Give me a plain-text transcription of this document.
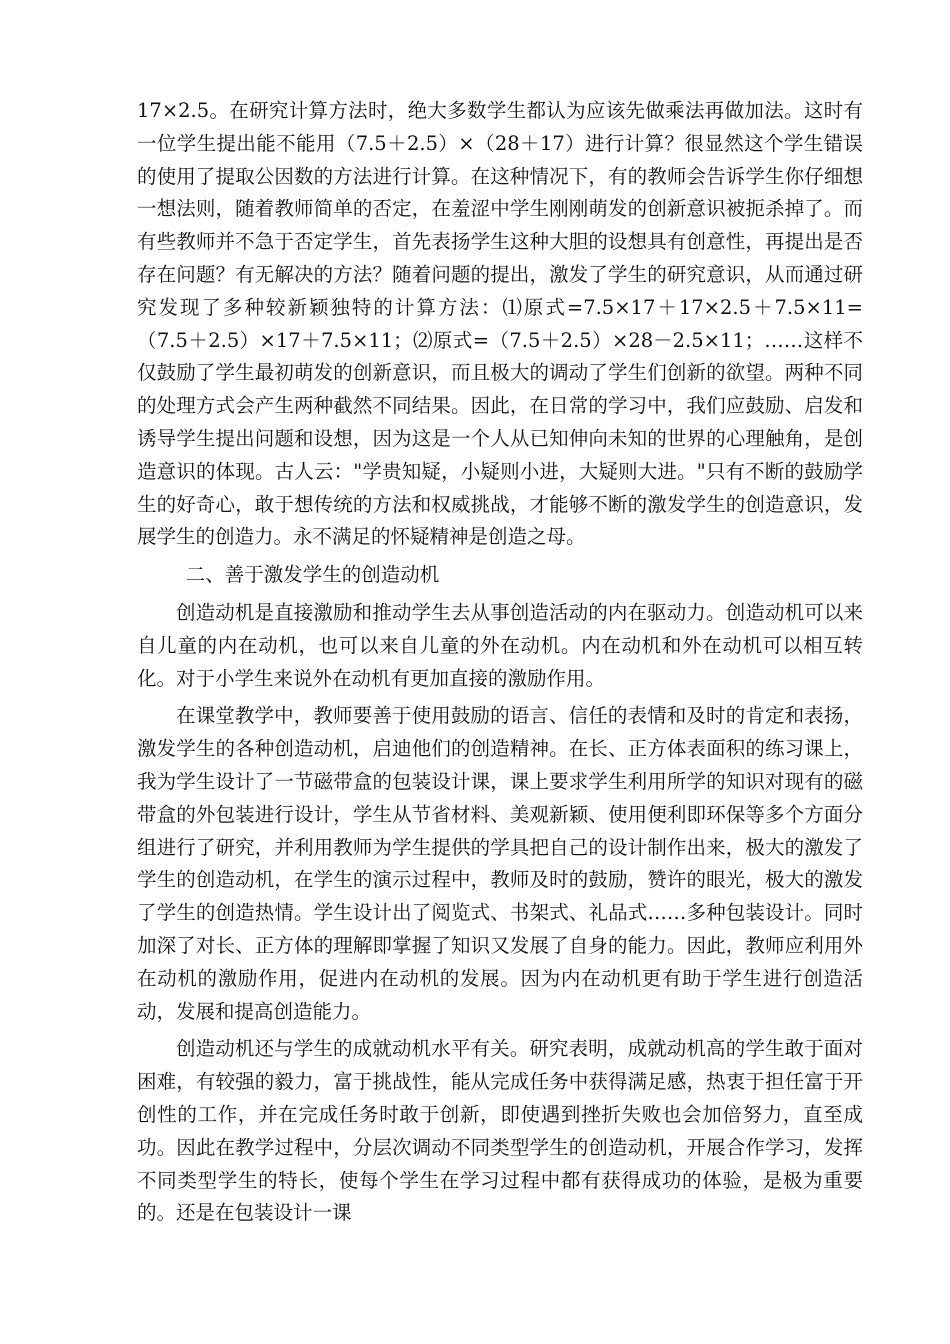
17×2.5。在研究计算方法时，绝大多数学生都认为应该先做乘法再做加法。这时有一位学生提出能不能用（7.5＋2.5）×（28＋17）进行计算？很显然这个学生错误的使用了提取公因数的方法进行计算。在这种情况下，有的教师会告诉学生你仔细想一想法则，随着教师简单的否定，在羞涩中学生刚刚萌发的创新意识被扼杀掉了。而有些教师并不急于否定学生，首先表扬学生这种大胆的设想具有创意性，再提出是否存在问题？有无解决的方法？随着问题的提出，激发了学生的研究意识，从而通过研究发现了多种较新颖独特的计算方法：⑴原式=7.5×17＋17×2.5＋7.5×11=（7.5＋2.5）×17＋7.5×11；⑵原式=（7.5＋2.5）×28－2.5×11；……这样不仅鼓励了学生最初萌发的创新意识，而且极大的调动了学生们创新的欲望。两种不同的处理方式会产生两种截然不同结果。因此，在日常的学习中，我们应鼓励、启发和诱导学生提出问题和设想，因为这是一个人从已知伸向未知的世界的心理触角，是创造意识的体现。古人云："学贵知疑，小疑则小进，大疑则大进。"只有不断的鼓励学生的好奇心，敢于想传统的方法和权威挑战，才能够不断的激发学生的创造意识，发展学生的创造力。永不满足的怀疑精神是创造之母。

二、善于激发学生的创造动机

创造动机是直接激励和推动学生去从事创造活动的内在驱动力。创造动机可以来自儿童的内在动机，也可以来自儿童的外在动机。内在动机和外在动机可以相互转化。对于小学生来说外在动机有更加直接的激励作用。

在课堂教学中，教师要善于使用鼓励的语言、信任的表情和及时的肯定和表扬，激发学生的各种创造动机，启迪他们的创造精神。在长、正方体表面积的练习课上，我为学生设计了一节磁带盒的包装设计课，课上要求学生利用所学的知识对现有的磁带盒的外包装进行设计，学生从节省材料、美观新颖、使用便利即环保等多个方面分组进行了研究，并利用教师为学生提供的学具把自己的设计制作出来，极大的激发了学生的创造动机，在学生的演示过程中，教师及时的鼓励，赞许的眼光，极大的激发了学生的创造热情。学生设计出了阅览式、书架式、礼品式……多种包装设计。同时加深了对长、正方体的理解即掌握了知识又发展了自身的能力。因此，教师应利用外在动机的激励作用，促进内在动机的发展。因为内在动机更有助于学生进行创造活动，发展和提高创造能力。

创造动机还与学生的成就动机水平有关。研究表明，成就动机高的学生敢于面对困难，有较强的毅力，富于挑战性，能从完成任务中获得满足感，热衷于担任富于开创性的工作，并在完成任务时敢于创新，即使遇到挫折失败也会加倍努力，直至成功。因此在教学过程中，分层次调动不同类型学生的创造动机，开展合作学习，发挥不同类型学生的特长，使每个学生在学习过程中都有获得成功的体验，是极为重要的。还是在包装设计一课
